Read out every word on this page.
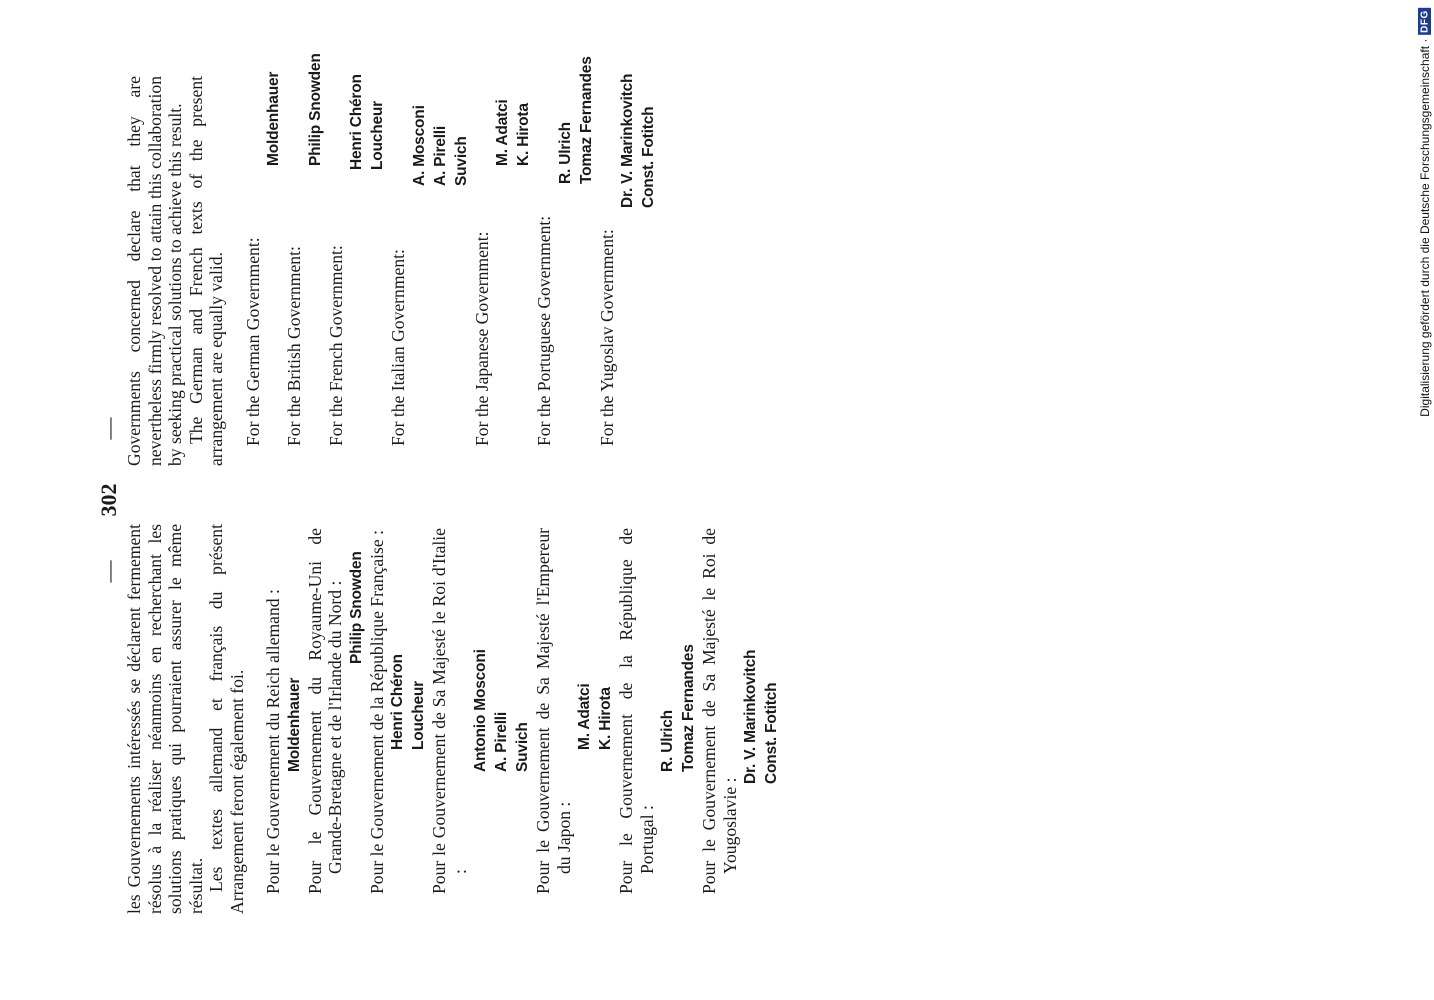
—302—

les Gouvernements intéressés se déclarent fermement résolus à la réaliser néanmoins en recherchant les solutions pratiques qui pourraient assurer le même résultat. Les textes allemand et français du présent Arrangement feront également foi. Pour le Gouvernement du Reich allemand : Moldenhauer Pour le Gouvernement du Royaume-Uni de Grande-Bretagne et de l'Irlande du Nord : Philip Snowden Pour le Gouvernement de la République Française : Henri Chéron Loucheur Pour le Gouvernement de Sa Majesté le Roi d'Italie :

Antonio Mosconi A. Pirelli Suvich Pour le Gouvernement de Sa Majesté l'Empereur du Japon :

M. Adatci K. Hirota Pour le Gouvernement de la République de Portugal :

R. Ulrich Tomaz Fernandes Pour le Gouvernement de Sa Majesté le Roi de Yougoslavie :

Dr. V. Marinkovitch Const. Fotitch

Governments concerned declare that they are nevertheless firmly resolved to attain this collaboration by seeking practical solutions to achieve this result. The German and French texts of the present arrangement are equally valid. For the German Government:

Moldenhauer

For the British Government:

Philip Snowden

For the French Government:

Henri Chéron Loucheur

For the Italian Government:

A. Mosconi A. Pirelli Suvich

For the Japanese Government:

M. Adatci K. Hirota

For the Portuguese Government:

R. Ulrich Tomaz Fernandes

For the Yugoslav Government:

Dr. V. Marinkovitch Const. Fotitch	Digitalisierung gefördert durch die Deutsche Forschungsgemeinschaft ·
DFG
